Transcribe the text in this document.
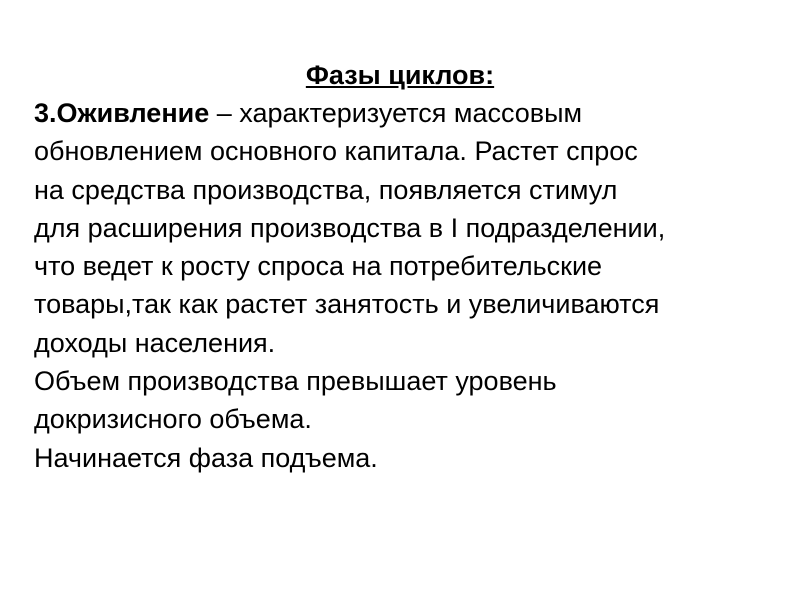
Фазы циклов:
3.Оживление – характеризуется массовым
обновлением основного капитала. Растет спрос
на средства производства, появляется стимул
для расширения производства в I подразделении,
что ведет к росту спроса на потребительские
товары,так как растет занятость и увеличиваются
доходы населения.
Объем производства превышает уровень
докризисного объема.
Начинается фаза подъема.
